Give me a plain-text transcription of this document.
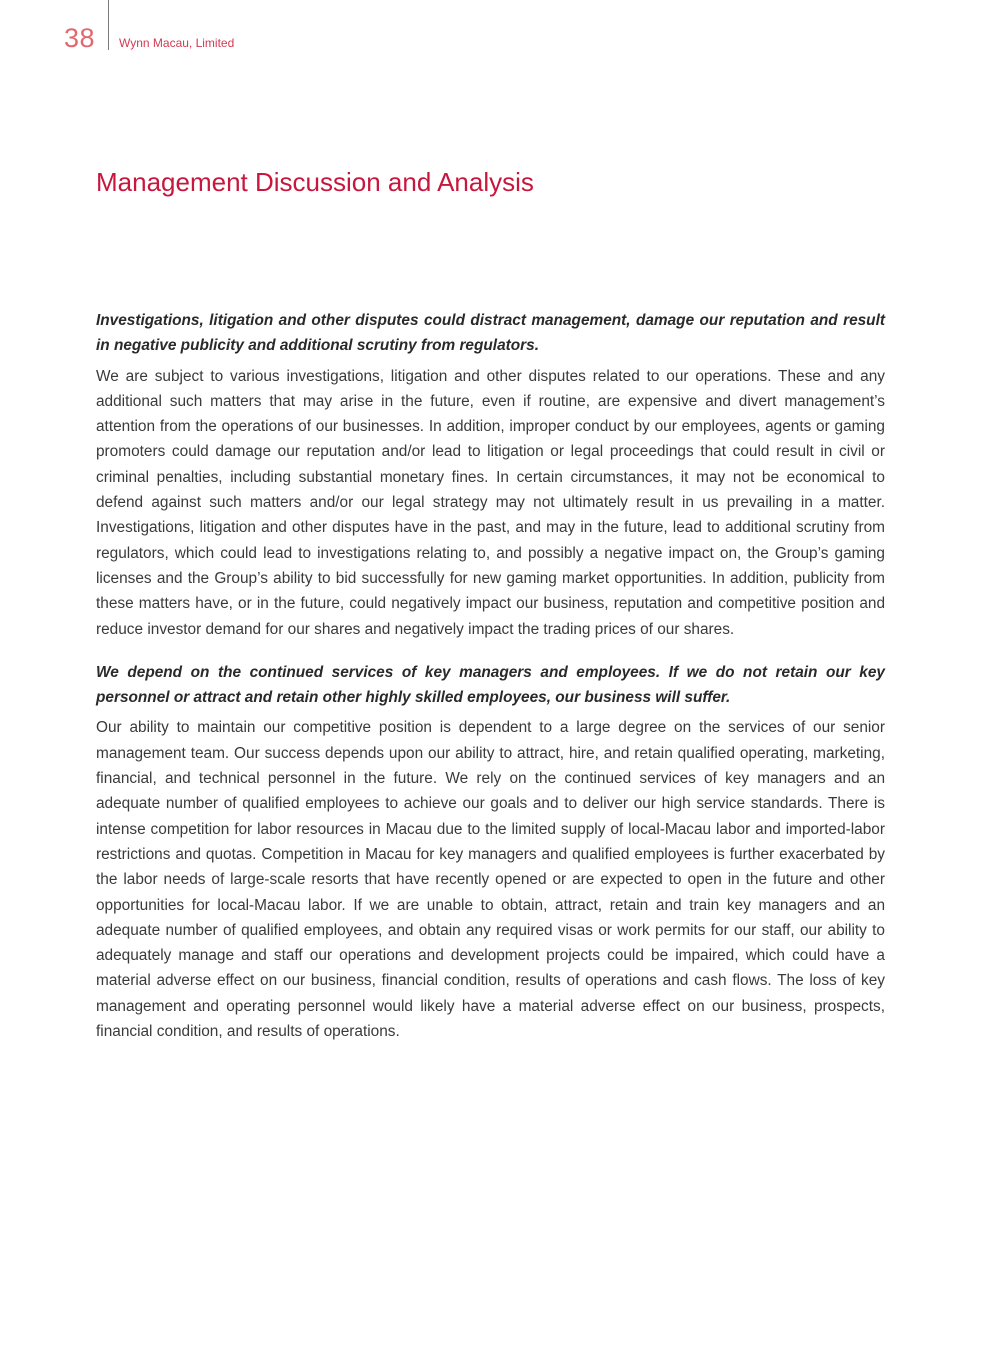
38 Wynn Macau, Limited
Management Discussion and Analysis

Investigations, litigation and other disputes could distract management, damage our reputation and result in negative publicity and additional scrutiny from regulators.

We are subject to various investigations, litigation and other disputes related to our operations. These and any additional such matters that may arise in the future, even if routine, are expensive and divert management’s attention from the operations of our businesses. In addition, improper conduct by our employees, agents or gaming promoters could damage our reputation and/or lead to litigation or legal proceedings that could result in civil or criminal penalties, including substantial monetary fines. In certain circumstances, it may not be economical to defend against such matters and/or our legal strategy may not ultimately result in us prevailing in a matter. Investigations, litigation and other disputes have in the past, and may in the future, lead to additional scrutiny from regulators, which could lead to investigations relating to, and possibly a negative impact on, the Group’s gaming licenses and the Group’s ability to bid successfully for new gaming market opportunities. In addition, publicity from these matters have, or in the future, could negatively impact our business, reputation and competitive position and reduce investor demand for our shares and negatively impact the trading prices of our shares.

We depend on the continued services of key managers and employees. If we do not retain our key personnel or attract and retain other highly skilled employees, our business will suffer.

Our ability to maintain our competitive position is dependent to a large degree on the services of our senior management team. Our success depends upon our ability to attract, hire, and retain qualified operating, marketing, financial, and technical personnel in the future. We rely on the continued services of key managers and an adequate number of qualified employees to achieve our goals and to deliver our high service standards. There is intense competition for labor resources in Macau due to the limited supply of local-Macau labor and imported-labor restrictions and quotas. Competition in Macau for key managers and qualified employees is further exacerbated by the labor needs of large-scale resorts that have recently opened or are expected to open in the future and other opportunities for local-Macau labor. If we are unable to obtain, attract, retain and train key managers and an adequate number of qualified employees, and obtain any required visas or work permits for our staff, our ability to adequately manage and staff our operations and development projects could be impaired, which could have a material adverse effect on our business, financial condition, results of operations and cash flows. The loss of key management and operating personnel would likely have a material adverse effect on our business, prospects, financial condition, and results of operations.
